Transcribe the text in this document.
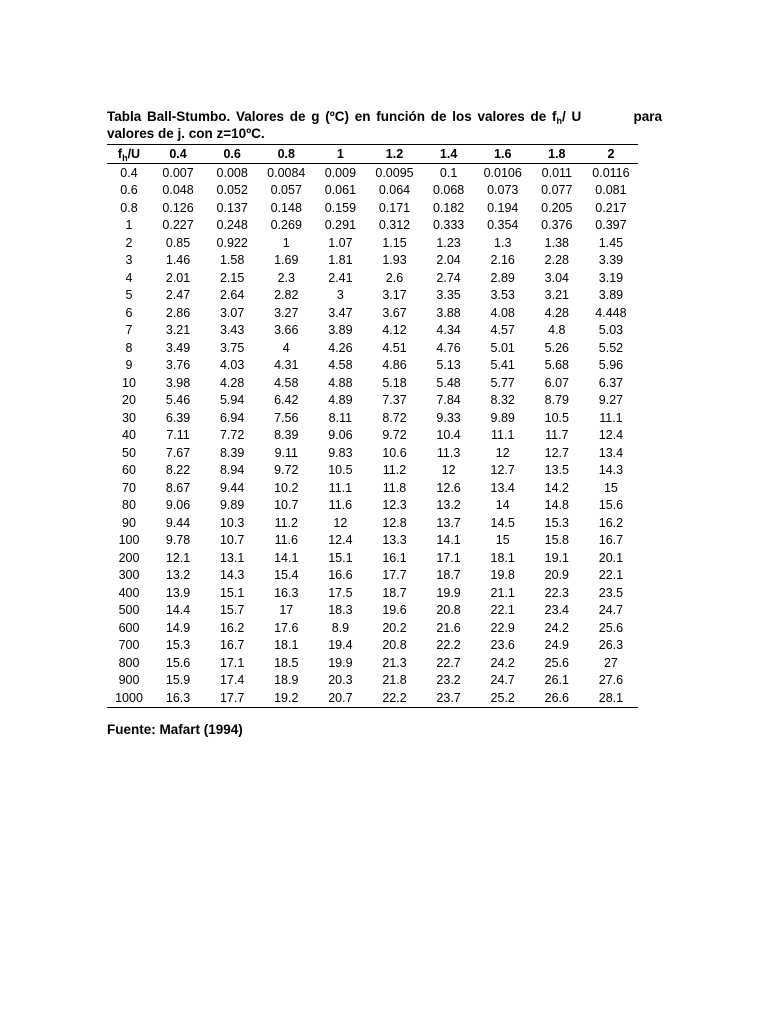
Tabla Ball-Stumbo. Valores de g (ºC) en función de los valores de $f_h/$ U	para
valores de j. con z=10ºC.
$f_h/U$	0.4	0.6	0.8	1	1.2	1.4	1.6	1.8	2
0.4	0.007	0.008	0.0084	0.009	0.0095	0.1	0.0106	0.011	0.0116
0.6	0.048	0.052	0.057	0.061	0.064	0.068	0.073	0.077	0.081
0.8	0.126	0.137	0.148	0.159	0.171	0.182	0.194	0.205	0.217
1	0.227	0.248	0.269	0.291	0.312	0.333	0.354	0.376	0.397
2	0.85	0.922	1	1.07	1.15	1.23	1.3	1.38	1.45
3	1.46	1.58	1.69	1.81	1.93	2.04	2.16	2.28	3.39
4	2.01	2.15	2.3	2.41	2.6	2.74	2.89	3.04	3.19
5	2.47	2.64	2.82	3	3.17	3.35	3.53	3.21	3.89
6	2.86	3.07	3.27	3.47	3.67	3.88	4.08	4.28	4.448
7	3.21	3.43	3.66	3.89	4.12	4.34	4.57	4.8	5.03
8	3.49	3.75	4	4.26	4.51	4.76	5.01	5.26	5.52
9	3.76	4.03	4.31	4.58	4.86	5.13	5.41	5.68	5.96
10	3.98	4.28	4.58	4.88	5.18	5.48	5.77	6.07	6.37
20	5.46	5.94	6.42	4.89	7.37	7.84	8.32	8.79	9.27
30	6.39	6.94	7.56	8.11	8.72	9.33	9.89	10.5	11.1
40	7.11	7.72	8.39	9.06	9.72	10.4	11.1	11.7	12.4
50	7.67	8.39	9.11	9.83	10.6	11.3	12	12.7	13.4
60	8.22	8.94	9.72	10.5	11.2	12	12.7	13.5	14.3
70	8.67	9.44	10.2	11.1	11.8	12.6	13.4	14.2	15
80	9.06	9.89	10.7	11.6	12.3	13.2	14	14.8	15.6
90	9.44	10.3	11.2	12	12.8	13.7	14.5	15.3	16.2
100	9.78	10.7	11.6	12.4	13.3	14.1	15	15.8	16.7
200	12.1	13.1	14.1	15.1	16.1	17.1	18.1	19.1	20.1
300	13.2	14.3	15.4	16.6	17.7	18.7	19.8	20.9	22.1
400	13.9	15.1	16.3	17.5	18.7	19.9	21.1	22.3	23.5
500	14.4	15.7	17	18.3	19.6	20.8	22.1	23.4	24.7
600	14.9	16.2	17.6	8.9	20.2	21.6	22.9	24.2	25.6
700	15.3	16.7	18.1	19.4	20.8	22.2	23.6	24.9	26.3
800	15.6	17.1	18.5	19.9	21.3	22.7	24.2	25.6	27
900	15.9	17.4	18.9	20.3	21.8	23.2	24.7	26.1	27.6
1000	16.3	17.7	19.2	20.7	22.2	23.7	25.2	26.6	28.1
Fuente: Mafart (1994)
